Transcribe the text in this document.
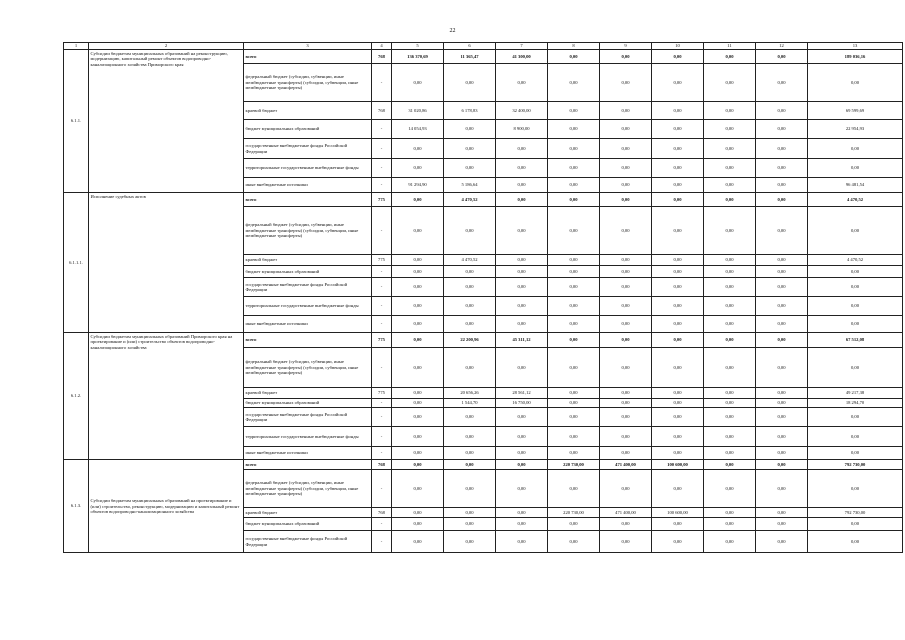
22
1	2	3	4	5	6	7	8	9	10	11	12	13
6.1.1.	Субсидии бюджетам муниципальных образований на реконструкцию, модернизацию, капитальный ремонт объектов водопроводно-канализационного хозяйства Приморского края	всего	768	136 370,69	11 365,47	41 300,00	0,00	0,00	0,00	0,00	0,00	189 036,16
		федеральный бюджет (субсидии, субвенции, иные межбюджетные трансферты) (субсидии, субвенции, иные межбюджетные трансферты)	-	0,00	0,00	0,00	0,00	0,00	0,00	0,00	0,00	0,00
		краевой бюджет	768	31 020,86	6 178,83	32 400,00	0,00	0,00	0,00	0,00	0,00	69 599,69
		бюджет муниципальных образований	-	14 054,93	0,00	8 900,00	0,00	0,00	0,00	0,00	0,00	22 954,93
		государственные внебюджетные фонды Российской Федерации	-	0,00	0,00	0,00	0,00	0,00	0,00	0,00	0,00	0,00
		территориальные государственные внебюджетные фонды	-	0,00	0,00	0,00	0,00	0,00	0,00	0,00	0,00	0,00
		иные внебюджетные источники	-	91 294,90	5 186,64	0,00	0,00	0,00	0,00	0,00	0,00	96 481,54
6.1.1.1.	Исполнение судебных актов	всего	775	0,00	4 470,52	0,00	0,00	0,00	0,00	0,00	0,00	4 470,52
		федеральный бюджет (субсидии, субвенции, иные межбюджетные трансферты) (субсидии, субвенции, иные межбюджетные трансферты)	-	0,00	0,00	0,00	0,00	0,00	0,00	0,00	0,00	0,00
		краевой бюджет	775	0,00	4 470,52	0,00	0,00	0,00	0,00	0,00	0,00	4 470,52
		бюджет муниципальных образований	-	0,00	0,00	0,00	0,00	0,00	0,00	0,00	0,00	0,00
		государственные внебюджетные фонды Российской Федерации	-	0,00	0,00	0,00	0,00	0,00	0,00	0,00	0,00	0,00
		территориальные государственные внебюджетные фонды	-	0,00	0,00	0,00	0,00	0,00	0,00	0,00	0,00	0,00
		иные внебюджетные источники	-	0,00	0,00	0,00	0,00	0,00	0,00	0,00	0,00	0,00
6.1.2.	Субсидии бюджетам муниципальных образований Приморского края на проектирование и (или) строительство объектов водопроводно-канализационного хозяйства	всего	775	0,00	22 200,96	45 311,12	0,00	0,00	0,00	0,00	0,00	67 512,08
		федеральный бюджет (субсидии, субвенции, иные межбюджетные трансферты) (субсидии, субвенции, иные межбюджетные трансферты)	-	0,00	0,00	0,00	0,00	0,00	0,00	0,00	0,00	0,00
		краевой бюджет	775	0,00	20 656,26	28 561,12	0,00	0,00	0,00	0,00	0,00	49 217,38
		бюджет муниципальных образований	-	0,00	1 544,70	16 750,00	0,00	0,00	0,00	0,00	0,00	18 294,70
		государственные внебюджетные фонды Российской Федерации	-	0,00	0,00	0,00	0,00	0,00	0,00	0,00	0,00	0,00
		территориальные государственные внебюджетные фонды	-	0,00	0,00	0,00	0,00	0,00	0,00	0,00	0,00	0,00
		иные внебюджетные источники	-	0,00	0,00	0,00	0,00	0,00	0,00	0,00	0,00	0,00
6.1.3.	Субсидии бюджетам муниципальных образований на проектирование и (или) строительство, реконструкцию, модернизацию и капитальный ремонт объектов водопроводно-канализационного хозяйства	всего	768	0,00	0,00	0,00	220 730,00	471 400,00	100 600,00	0,00	0,00	792 730,00
		федеральный бюджет (субсидии, субвенции, иные межбюджетные трансферты) (субсидии, субвенции, иные межбюджетные трансферты)	-	0,00	0,00	0,00	0,00	0,00	0,00	0,00	0,00	0,00
		краевой бюджет	768	0,00	0,00	0,00	220 730,00	471 400,00	100 600,00	0,00	0,00	792 730,00
		бюджет муниципальных образований	-	0,00	0,00	0,00	0,00	0,00	0,00	0,00	0,00	0,00
		государственные внебюджетные фонды Российской Федерации	-	0,00	0,00	0,00	0,00	0,00	0,00	0,00	0,00	0,00
